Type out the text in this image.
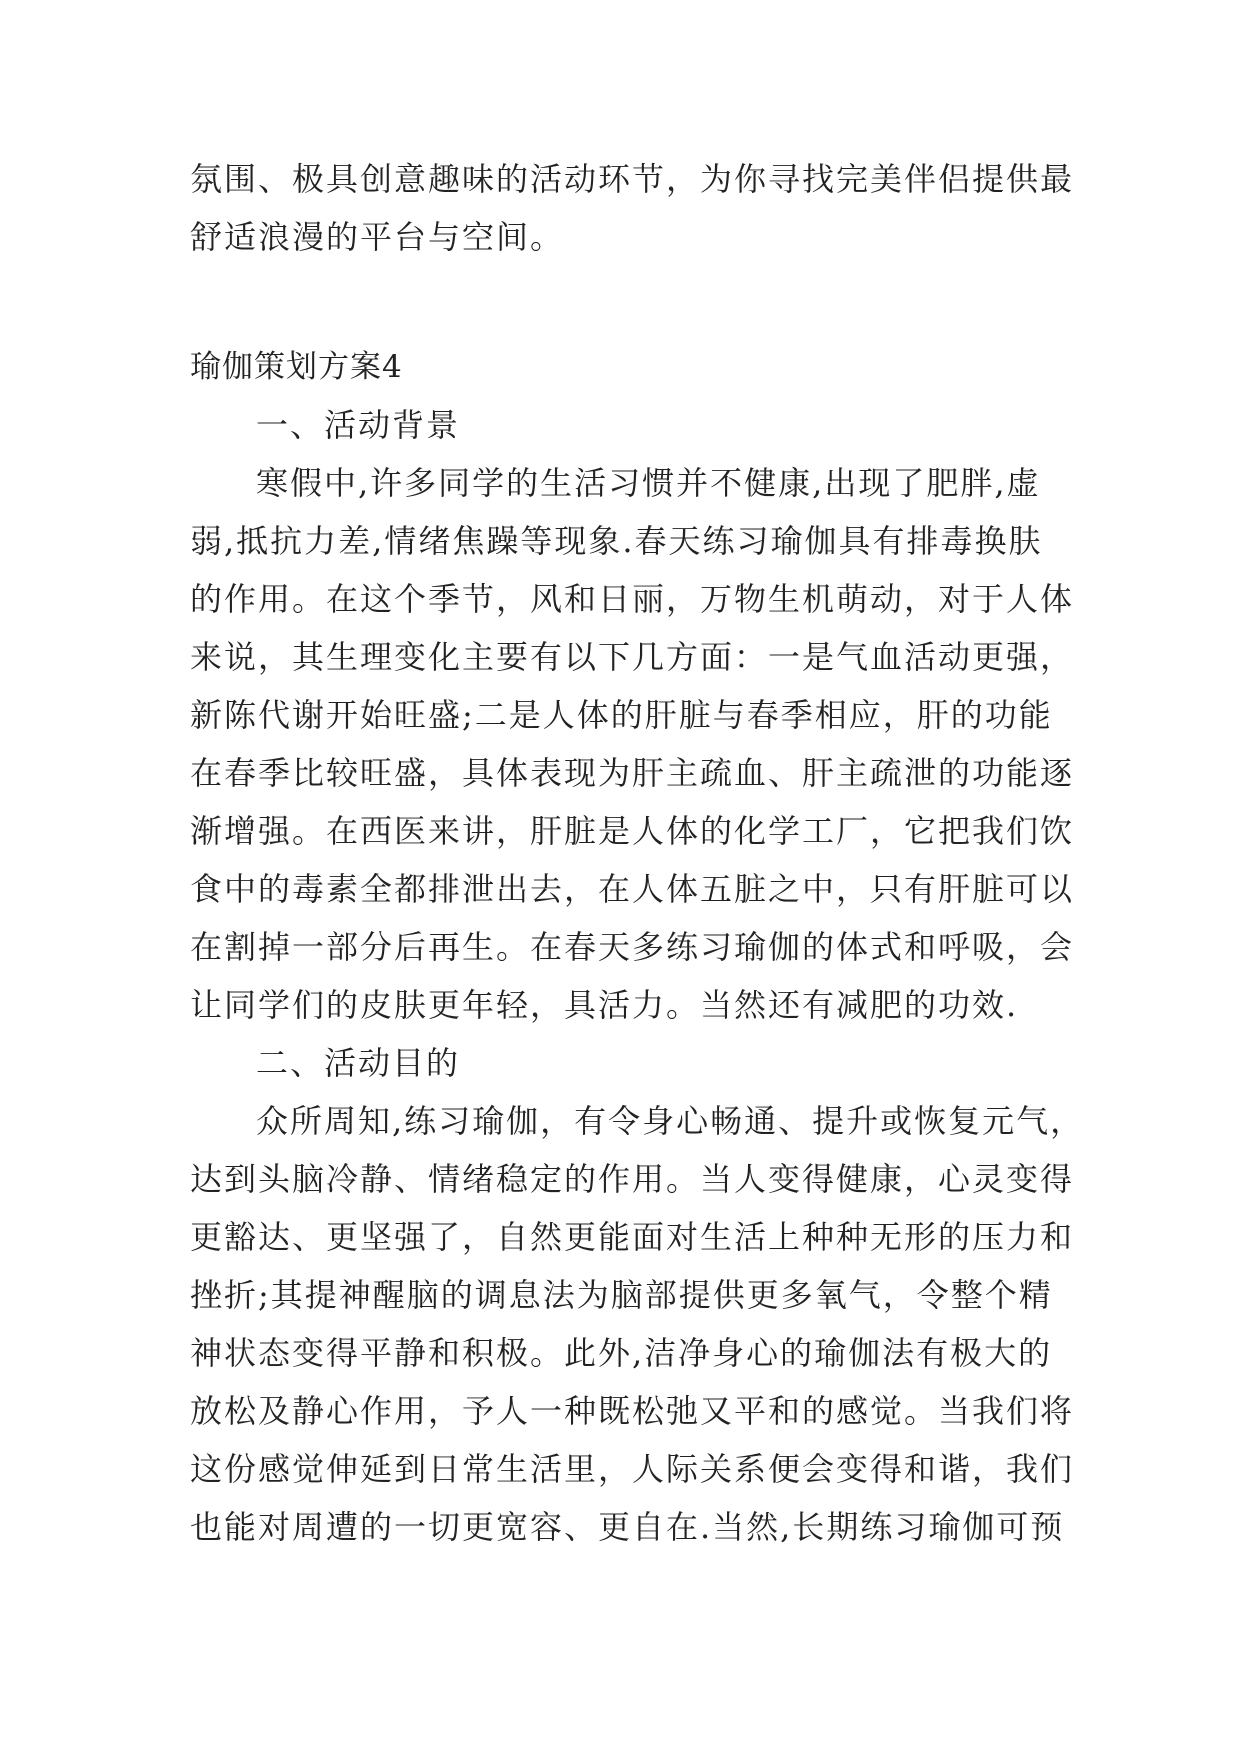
氛围、极具创意趣味的活动环节，为你寻找完美伴侣提供最
舒适浪漫的平台与空间。
瑜伽策划方案4
一、活动背景
寒假中,许多同学的生活习惯并不健康,出现了肥胖,虚
弱,抵抗力差,情绪焦躁等现象.春天练习瑜伽具有排毒换肤
的作用。在这个季节，风和日丽，万物生机萌动，对于人体
来说，其生理变化主要有以下几方面：一是气血活动更强，
新陈代谢开始旺盛;二是人体的肝脏与春季相应，肝的功能
在春季比较旺盛，具体表现为肝主疏血、肝主疏泄的功能逐
渐增强。在西医来讲，肝脏是人体的化学工厂，它把我们饮
食中的毒素全都排泄出去，在人体五脏之中，只有肝脏可以
在割掉一部分后再生。在春天多练习瑜伽的体式和呼吸，会
让同学们的皮肤更年轻，具活力。当然还有减肥的功效.
二、活动目的
众所周知,练习瑜伽，有令身心畅通、提升或恢复元气，
达到头脑冷静、情绪稳定的作用。当人变得健康，心灵变得
更豁达、更坚强了，自然更能面对生活上种种无形的压力和
挫折;其提神醒脑的调息法为脑部提供更多氧气，令整个精
神状态变得平静和积极。此外,洁净身心的瑜伽法有极大的
放松及静心作用，予人一种既松弛又平和的感觉。当我们将
这份感觉伸延到日常生活里，人际关系便会变得和谐，我们
也能对周遭的一切更宽容、更自在.当然,长期练习瑜伽可预
